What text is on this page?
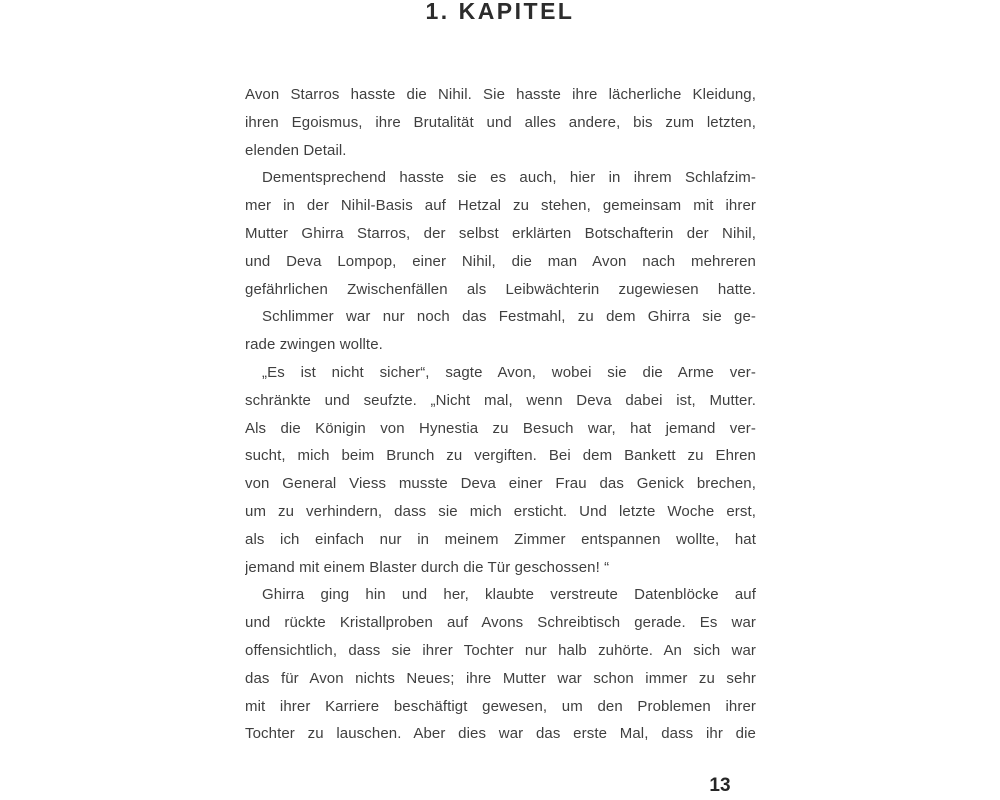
1. KAPITEL
Avon Starros hasste die Nihil. Sie hasste ihre lächerliche Kleidung,
ihren Egoismus, ihre Brutalität und alles andere, bis zum letzten,
elenden Detail.
Dementsprechend hasste sie es auch, hier in ihrem Schlafzim-
mer in der Nihil-Basis auf Hetzal zu stehen, gemeinsam mit ihrer
Mutter Ghirra Starros, der selbst erklärten Botschafterin der Nihil,
und Deva Lompop, einer Nihil, die man Avon nach mehreren
gefährlichen Zwischenfällen als Leibwächterin zugewiesen hatte.
Schlimmer war nur noch das Festmahl, zu dem Ghirra sie ge-
rade zwingen wollte.
„Es ist nicht sicher“, sagte Avon, wobei sie die Arme ver-
schränkte und seufzte. „Nicht mal, wenn Deva dabei ist, Mutter.
Als die Königin von Hynestia zu Besuch war, hat jemand ver-
sucht, mich beim Brunch zu vergiften. Bei dem Bankett zu Ehren
von General Viess musste Deva einer Frau das Genick brechen,
um zu verhindern, dass sie mich ersticht. Und letzte Woche erst,
als ich einfach nur in meinem Zimmer entspannen wollte, hat
jemand mit einem Blaster durch die Tür geschossen! “
Ghirra ging hin und her, klaubte verstreute Datenblöcke auf
und rückte Kristallproben auf Avons Schreibtisch gerade. Es war
offensichtlich, dass sie ihrer Tochter nur halb zuhörte. An sich war
das für Avon nichts Neues; ihre Mutter war schon immer zu sehr
mit ihrer Karriere beschäftigt gewesen, um den Problemen ihrer
Tochter zu lauschen. Aber dies war das erste Mal, dass ihr die
13
